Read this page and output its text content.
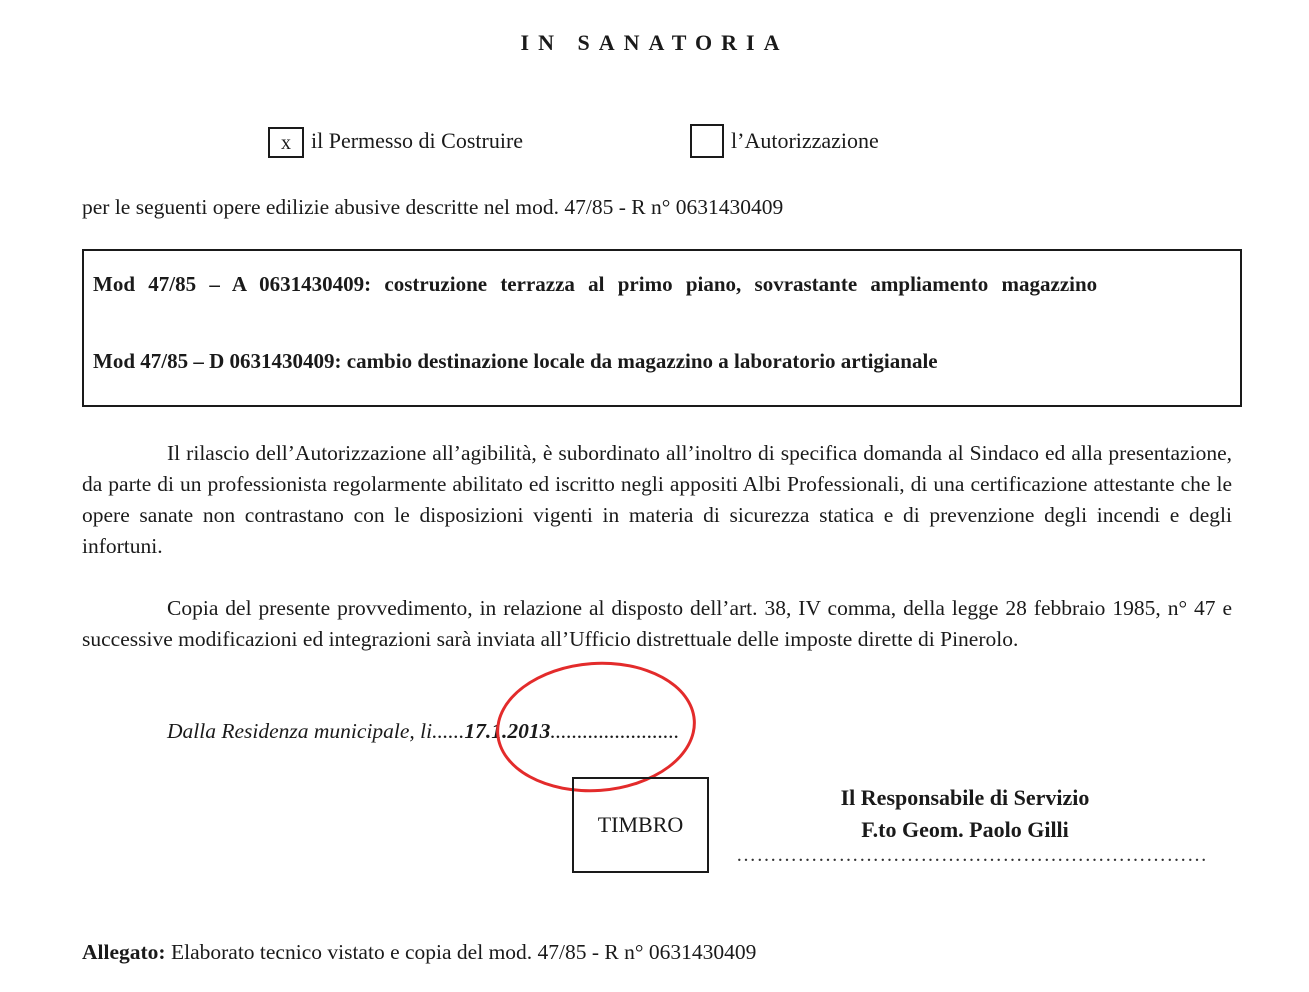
IN SANATORIA
x il Permesso di Costruire	l’Autorizzazione
per le seguenti opere edilizie abusive descritte nel mod. 47/85 - R n° 0631430409
Mod 47/85 – A 0631430409: costruzione terrazza al primo piano, sovrastante ampliamento magazzino
Mod 47/85 – D 0631430409: cambio destinazione locale da magazzino a laboratorio artigianale
Il rilascio dell’Autorizzazione all’agibilità, è subordinato all’inoltro di specifica domanda al Sindaco ed alla presentazione, da parte di un professionista regolarmente abilitato ed iscritto negli appositi Albi Professionali, di una certificazione attestante che le opere sanate non contrastano con le disposizioni vigenti in materia di sicurezza statica e di prevenzione degli incendi e degli infortuni.
Copia del presente provvedimento, in relazione al disposto dell’art. 38, IV comma, della legge 28 febbraio 1985, n° 47 e successive modificazioni ed integrazioni sarà inviata all’Ufficio distrettuale delle imposte dirette di Pinerolo.
Dalla Residenza municipale, li......17.1.2013........................
TIMBRO
Il Responsabile di Servizio
F.to Geom. Paolo Gilli
……………………………………………………………
Allegato: Elaborato tecnico vistato e copia del mod. 47/85 - R n° 0631430409
